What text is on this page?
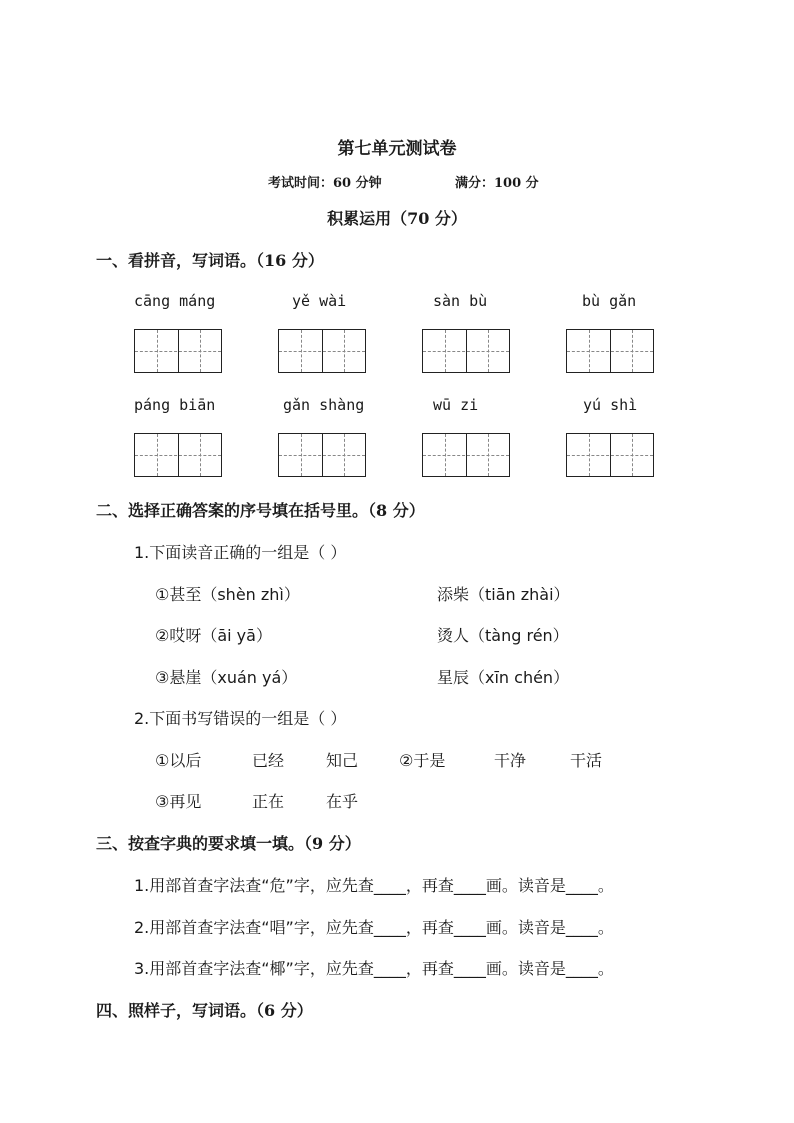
第七单元测试卷
考试时间：60 分钟	满分：100 分
积累运用（70 分）
一、看拼音，写词语。（16 分）
cāng máng	yě wài	sàn bù	bù gǎn
páng biān	gǎn shàng	wū zi	yú shì
二、选择正确答案的序号填在括号里。（8 分）
1.下面读音正确的一组是（ ）
①甚至（shèn zhì）	添柴（tiān zhài）
②哎呀（āi yā）	烫人（tàng rén）
③悬崖（xuán yá）	星辰（xīn chén）
2.下面书写错误的一组是（ ）
①以后	已经	知己	②于是	干净	干活
③再见	正在	在乎
三、按查字典的要求填一填。（9 分）
1.用部首查字法查“危”字，应先查____，再查____画。读音是____。
2.用部首查字法查“唱”字，应先查____，再查____画。读音是____。
3.用部首查字法查“椰”字，应先查____，再查____画。读音是____。
四、照样子，写词语。（6 分）
